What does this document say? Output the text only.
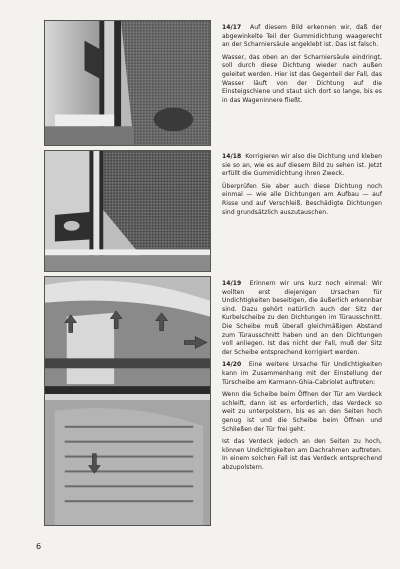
14/17 Auf diesem Bild erkennen wir, daß der abgewinkelte Teil der Gummidichtung waagerecht an der Scharniersäule angeklebt ist. Das ist falsch.

Wasser, das oben an der Scharniersäule eindringt, soll durch diese Dichtung wieder nach außen geleitet werden. Hier ist das Gegenteil der Fall, das Wasser läuft von der Dichtung auf die Einsteigschiene und staut sich dort so lange, bis es in das Wageninnere fließt.

14/18 Korrigieren wir also die Dichtung und kleben sie so an, wie es auf diesem Bild zu sehen ist. Jetzt erfüllt die Gummidichtung ihren Zweck.

Überprüfen Sie aber auch diese Dichtung noch einmal — wie alle Dichtungen am Aufbau — auf Risse und auf Verschleiß. Beschädigte Dichtungen sind grundsätzlich auszutauschen.

14/19 Erinnern wir uns kurz noch einmal: Wir wollten erst diejenigen Ursachen für Undichtigkeiten beseitigen, die äußerlich erkennbar sind. Dazu gehört natürlich auch der Sitz der Kurbelscheibe zu den Dichtungen im Türausschnitt. Die Scheibe muß überall gleichmäßigen Abstand zum Türausschnitt haben und an den Dichtungen voll anliegen. Ist das nicht der Fall, muß der Sitz der Scheibe entsprechend korrigiert werden.

14/20 Eine weitere Ursache für Undichtigkeiten kann im Zusammenhang mit der Einstellung der Türscheibe am Karmann-Ghia-Cabriolet auftreten:

Wenn die Scheibe beim Öffnen der Tür am Verdeck schleift, dann ist es erforderlich, das Verdeck so weit zu unterpolstern, bis es an den Seiten hoch genug ist und die Scheibe beim Öffnen und Schließen der Tür frei geht.

Ist das Verdeck jedoch an den Seiten zu hoch, können Undichtigkeiten am Dachrahmen auftreten. In einem solchen Fall ist das Verdeck entsprechend abzupolstern.

6
